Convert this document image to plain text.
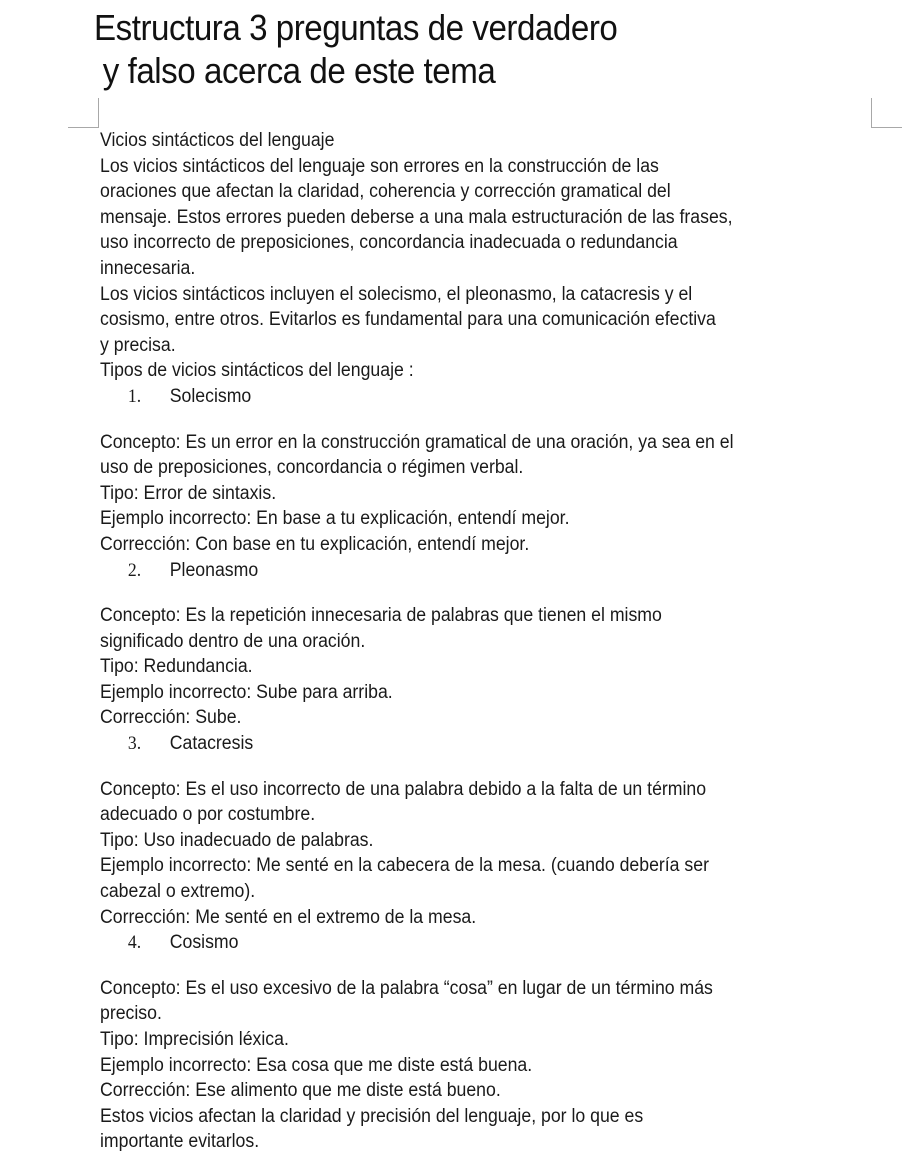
Estructura 3 preguntas de verdadero
y falso acerca de este tema
Vicios sintácticos del lenguaje
Los vicios sintácticos del lenguaje son errores en la construcción de las
oraciones que afectan la claridad, coherencia y corrección gramatical del
mensaje. Estos errores pueden deberse a una mala estructuración de las frases,
uso incorrecto de preposiciones, concordancia inadecuada o redundancia
innecesaria.
Los vicios sintácticos incluyen el solecismo, el pleonasmo, la catacresis y el
cosismo, entre otros. Evitarlos es fundamental para una comunicación efectiva
y precisa.
Tipos de vicios sintácticos del lenguaje :
1.	Solecismo
Concepto: Es un error en la construcción gramatical de una oración, ya sea en el
uso de preposiciones, concordancia o régimen verbal.
Tipo: Error de sintaxis.
Ejemplo incorrecto: En base a tu explicación, entendí mejor.
Corrección: Con base en tu explicación, entendí mejor.
2.	Pleonasmo
Concepto: Es la repetición innecesaria de palabras que tienen el mismo
significado dentro de una oración.
Tipo: Redundancia.
Ejemplo incorrecto: Sube para arriba.
Corrección: Sube.
3.	Catacresis
Concepto: Es el uso incorrecto de una palabra debido a la falta de un término
adecuado o por costumbre.
Tipo: Uso inadecuado de palabras.
Ejemplo incorrecto: Me senté en la cabecera de la mesa. (cuando debería ser
cabezal o extremo).
Corrección: Me senté en el extremo de la mesa.
4.	Cosismo
Concepto: Es el uso excesivo de la palabra “cosa” en lugar de un término más
preciso.
Tipo: Imprecisión léxica.
Ejemplo incorrecto: Esa cosa que me diste está buena.
Corrección: Ese alimento que me diste está bueno.
Estos vicios afectan la claridad y precisión del lenguaje, por lo que es
importante evitarlos.
